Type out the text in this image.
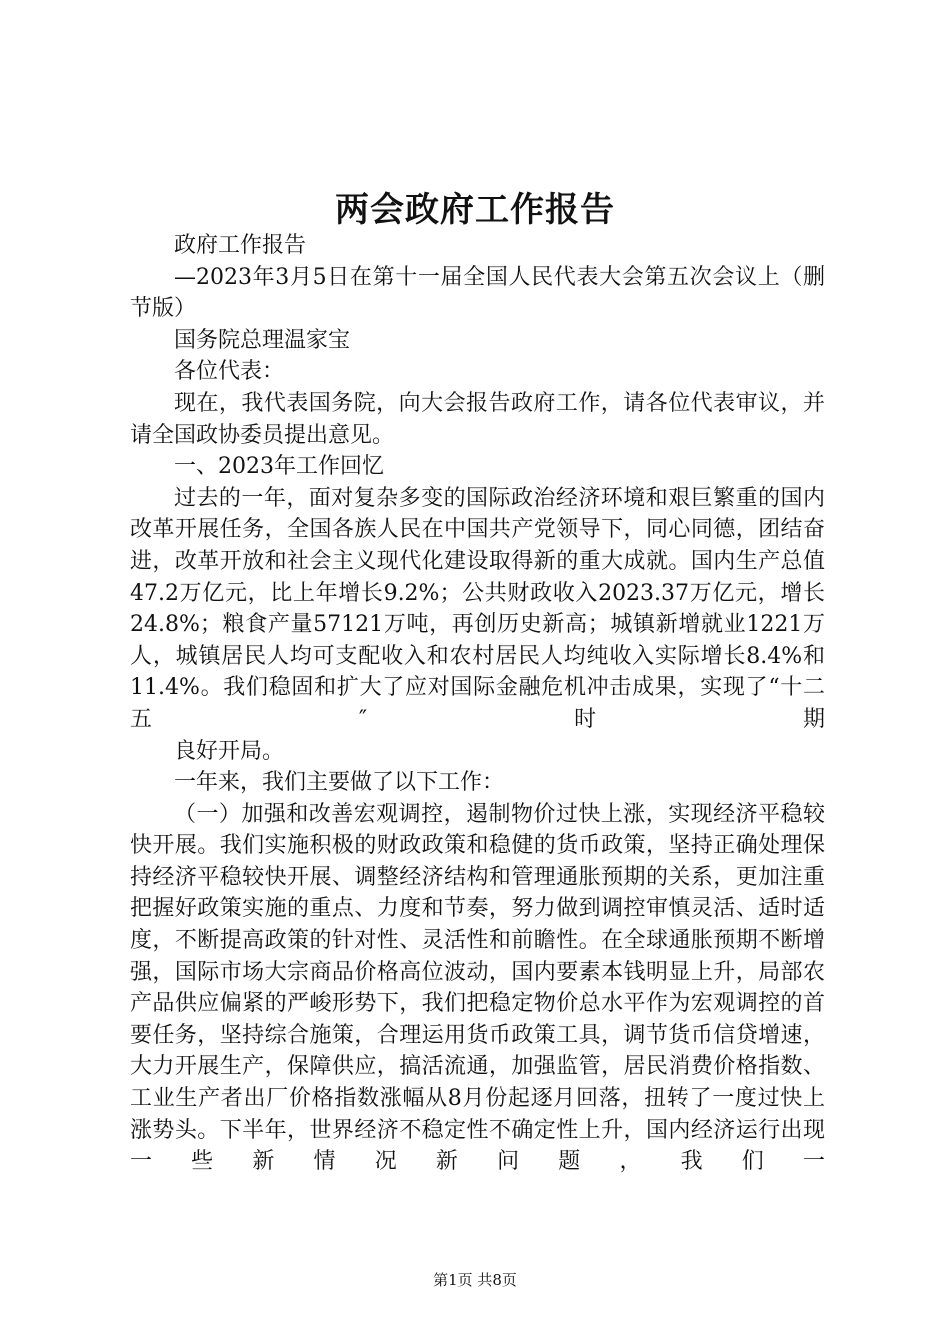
两会政府工作报告

政府工作报告

—2023年3月5日在第十一届全国人民代表大会第五次会议上（删节版）

国务院总理温家宝

各位代表：

现在，我代表国务院，向大会报告政府工作，请各位代表审议，并请全国政协委员提出意见。

一、2023年工作回忆

过去的一年，面对复杂多变的国际政治经济环境和艰巨繁重的国内改革开展任务，全国各族人民在中国共产党领导下，同心同德，团结奋进，改革开放和社会主义现代化建设取得新的重大成就。国内生产总值47.2万亿元，比上年增长9.2%；公共财政收入2023.37万亿元，增长24.8%；粮食产量57121万吨，再创历史新高；城镇新增就业1221万人，城镇居民人均可支配收入和农村居民人均纯收入实际增长8.4%和11.4%。我们稳固和扩大了应对国际金融危机冲击成果，实现了“十二五″时期

良好开局。

一年来，我们主要做了以下工作：

（一）加强和改善宏观调控，遏制物价过快上涨，实现经济平稳较快开展。我们实施积极的财政政策和稳健的货币政策，坚持正确处理保持经济平稳较快开展、调整经济结构和管理通胀预期的关系，更加注重把握好政策实施的重点、力度和节奏，努力做到调控审慎灵活、适时适度，不断提高政策的针对性、灵活性和前瞻性。在全球通胀预期不断增强，国际市场大宗商品价格高位波动，国内要素本钱明显上升，局部农产品供应偏紧的严峻形势下，我们把稳定物价总水平作为宏观调控的首要任务，坚持综合施策，合理运用货币政策工具，调节货币信贷增速，大力开展生产，保障供应，搞活流通，加强监管，居民消费价格指数、工业生产者出厂价格指数涨幅从8月份起逐月回落，扭转了一度过快上涨势头。下半年，世界经济不稳定性不确定性上升，国内经济运行出现一些新情况新问题，我们一

第1页 共8页
